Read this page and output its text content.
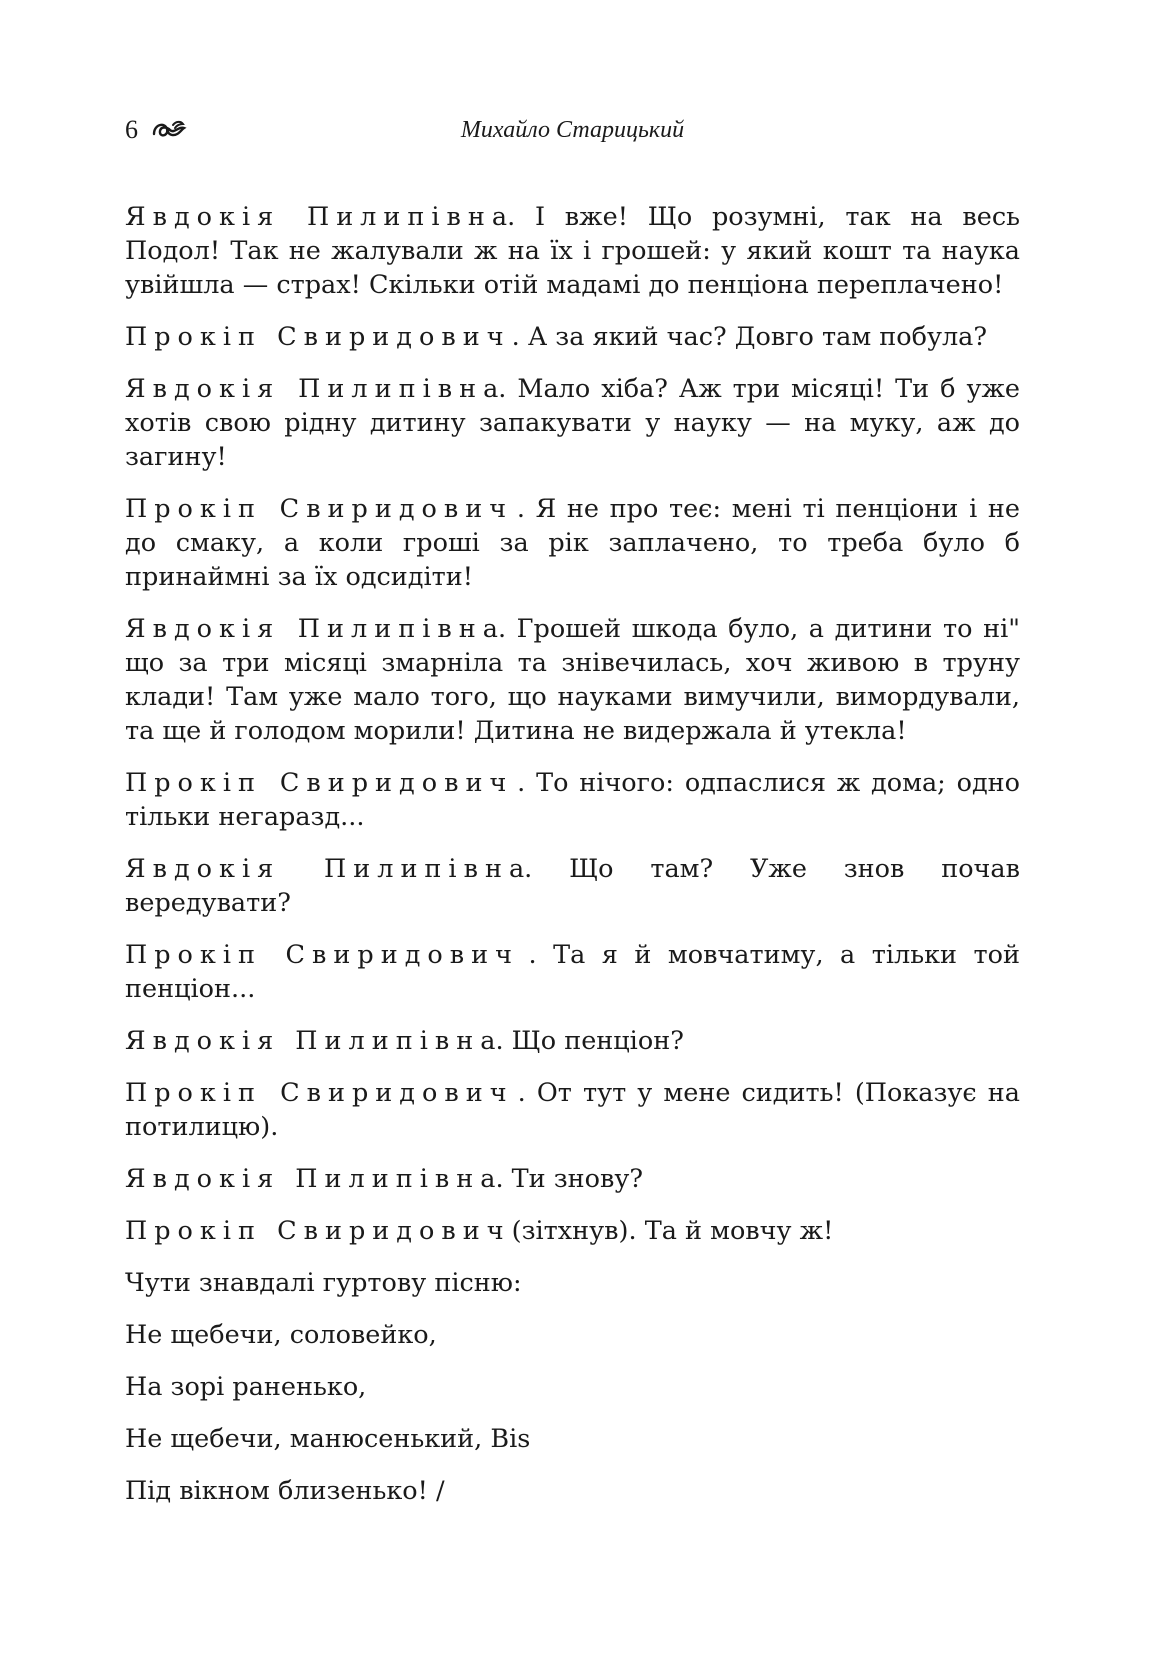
6	Михайло Старицький

Явдокія Пилипівна. І вже! Що розумні, так на весь Подол! Так не жалували ж на їх і грошей: у який кошт та наука увійшла — страх! Скільки отій мадамі до пенціона переплачено!

Прокіп Свиридович . А за який час? Довго там побула?

Явдокія Пилипівна. Мало хіба? Аж три місяці! Ти б уже хотів свою рідну дитину запакувати у науку — на муку, аж до загину!

Прокіп Свиридович . Я не про теє: мені ті пенціони і не до смаку, а коли гроші за рік заплачено, то треба було б принаймні за їх одсидіти!

Явдокія Пилипівна. Грошей шкода було, а дитини то ні" що за три місяці змарніла та знівечилась, хоч живою в труну клади! Там уже мало того, що науками вимучили, вимордували, та ще й голодом морили! Дитина не видержала й утекла!

Прокіп Свиридович . То нічого: одпаслися ж дома; одно тільки негаразд...

Явдокія Пилипівна. Що там? Уже знов почав вередувати?

Прокіп Свиридович . Та я й мовчатиму, а тільки той пенціон...

Явдокія Пилипівна. Що пенціон?

Прокіп Свиридович . От тут у мене сидить! (Показує на потилицю).

Явдокія Пилипівна. Ти знову?

Прокіп Свиридович (зітхнув). Та й мовчу ж!

Чути знавдалі гуртову пісню:

Не щебечи, соловейко,

На зорі раненько,

Не щебечи, манюсенький, Bis

Під вікном близенько! /
